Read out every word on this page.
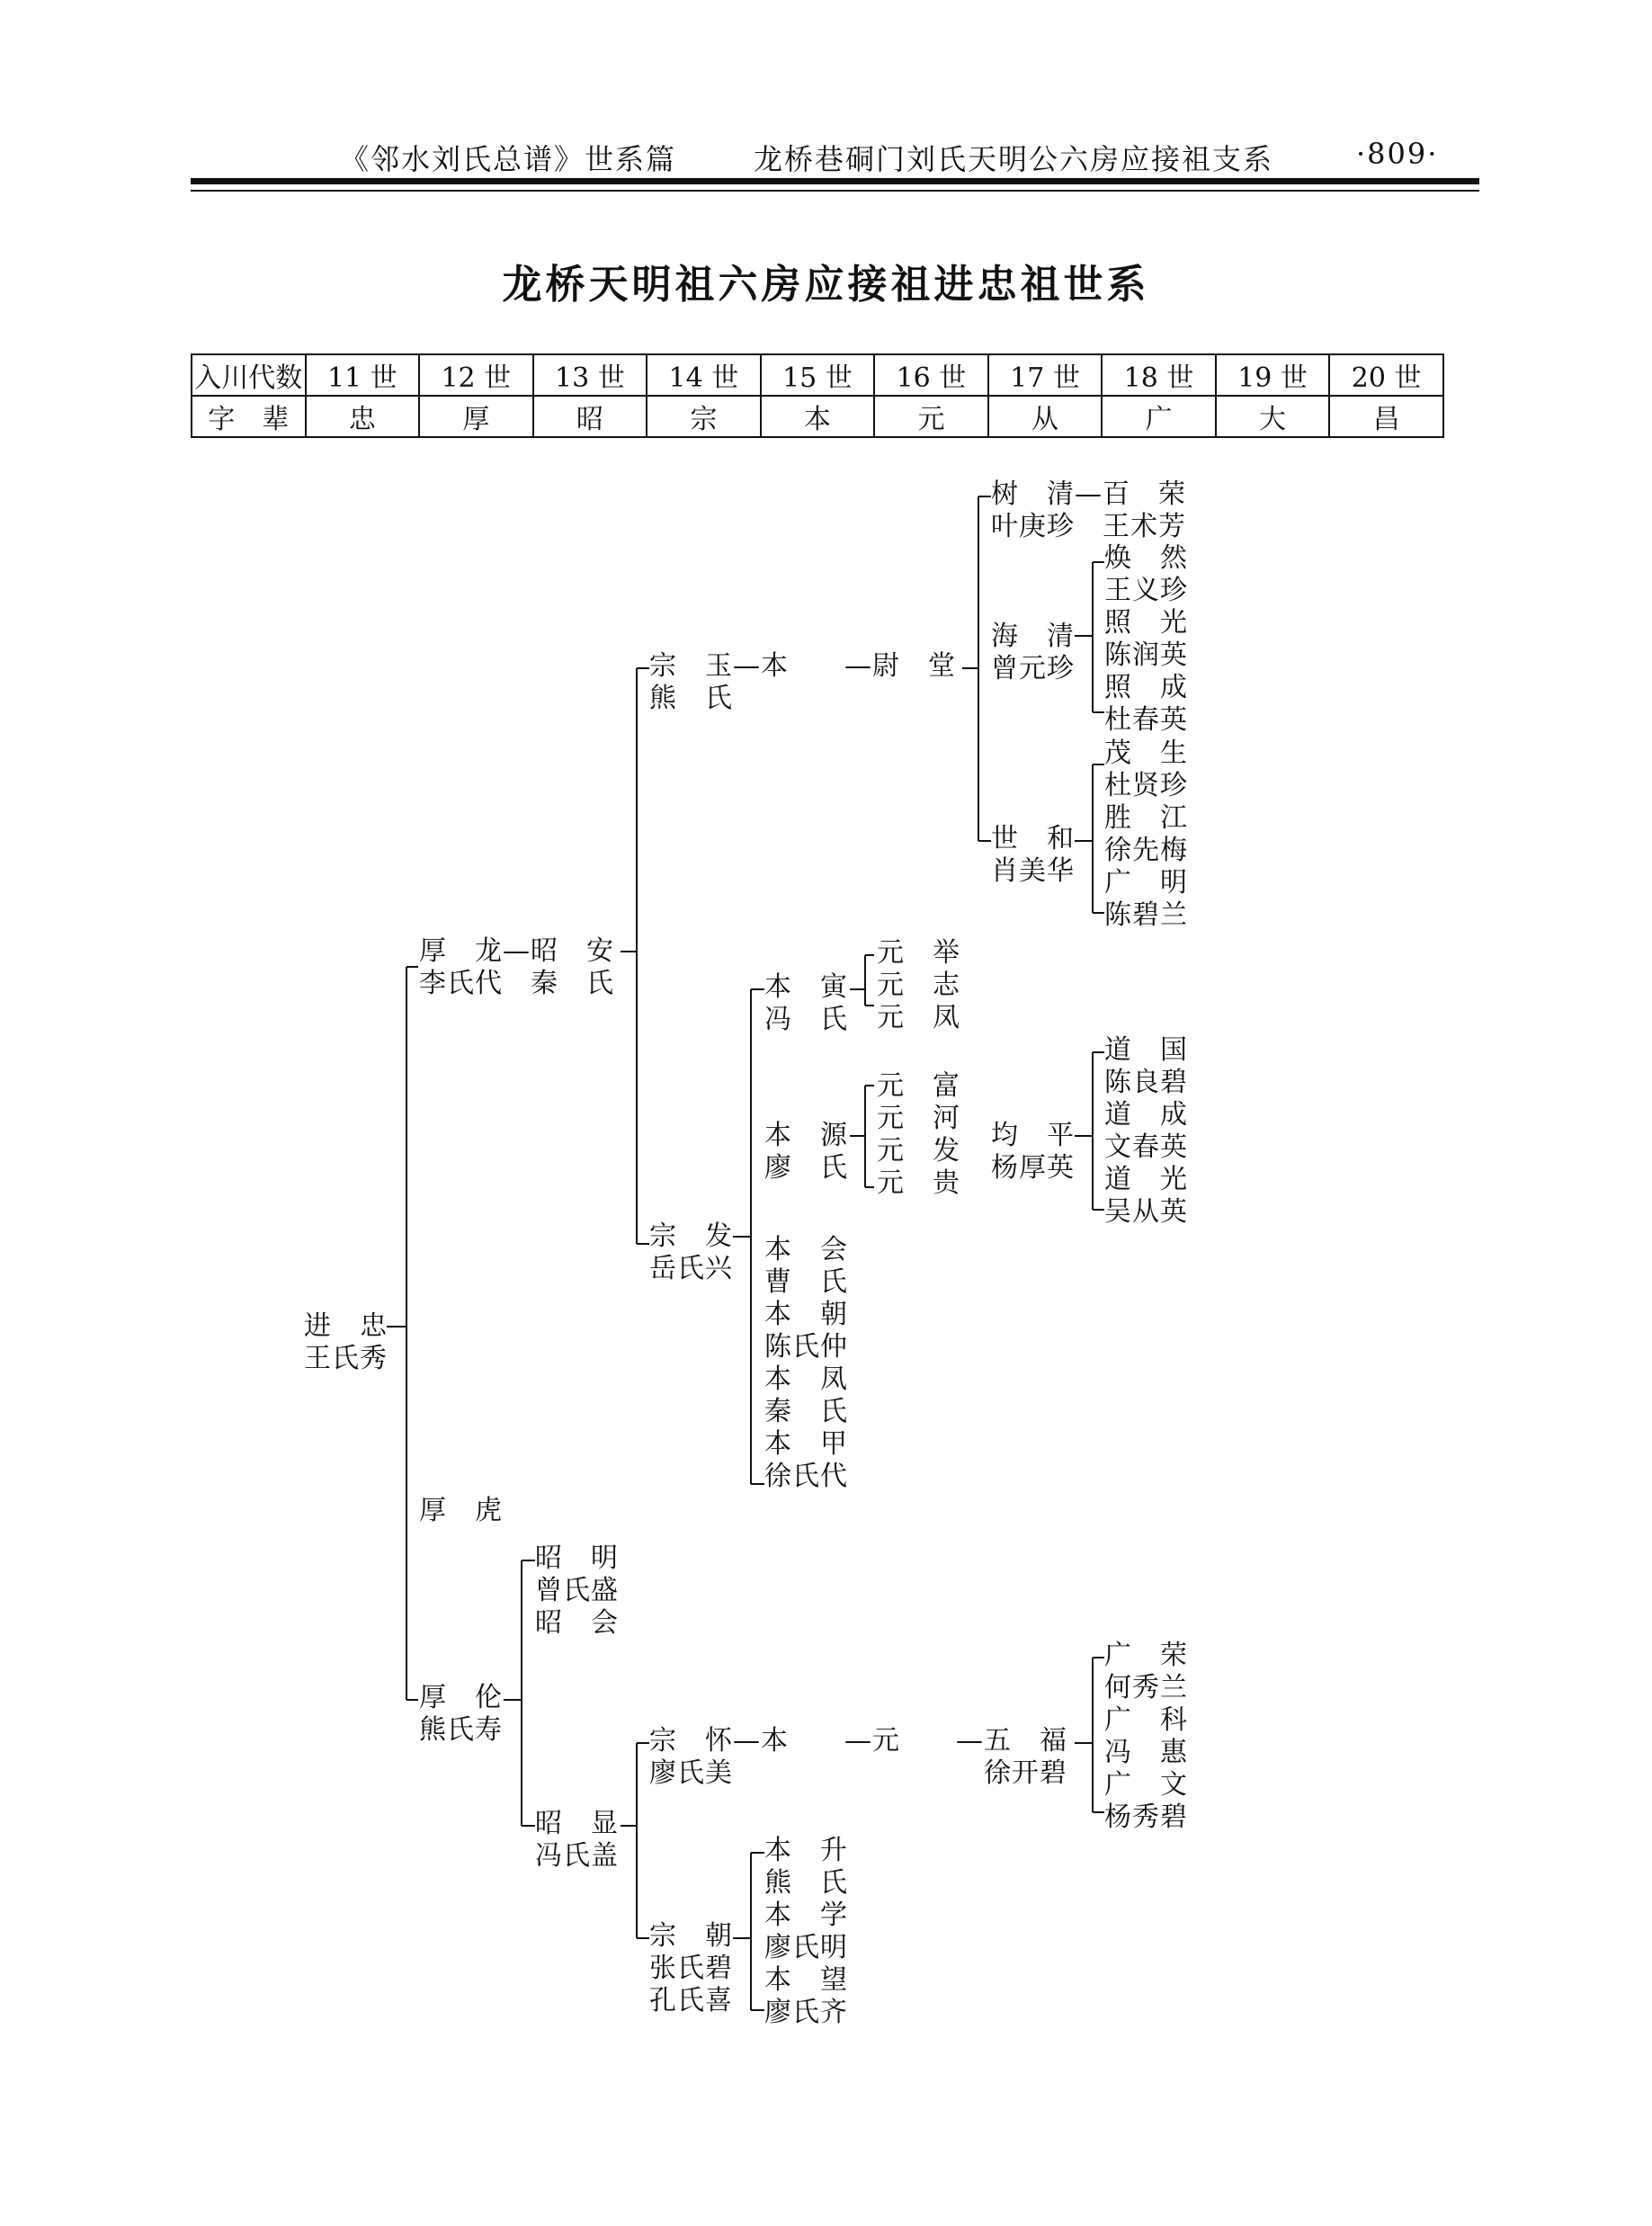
《邻水刘氏总谱》世系篇	龙桥巷硐门刘氏天明公六房应接祖支系	·809·
龙桥天明祖六房应接祖进忠祖世系
入川代数	11 世	12 世	13 世	14 世	15 世	16 世	17 世	18 世	19 世	20 世
字　辈	忠	厚	昭	宗	本	元	从	广	大	昌
进　忠
王氏秀
厚　龙—昭　安
李氏代　秦　氏
宗　玉—本　　—尉　堂
熊　氏
树　清—百　荣
叶庚珍　王术芳
海　清
曾元珍
焕　然
王义珍
照　光
陈润英
照　成
杜春英
世　和
肖美华
茂　生
杜贤珍
胜　江
徐先梅
广　明
陈碧兰
本　寅
冯　氏
元　举
元　志
元　凤
本　源
廖　氏
元　富
元　河
元　发
元　贵
均　平
杨厚英
道　国
陈良碧
道　成
文春英
道　光
吴从英
宗　发
岳氏兴
本　会
曹　氏
本　朝
陈氏仲
本　凤
秦　氏
本　甲
徐氏代
厚　虎
厚　伦
熊氏寿
昭　明
曾氏盛
昭　会
宗　怀—本　　—元　　—五　福
廖氏美　　　　　　　　　徐开碧
广　荣
何秀兰
广　科
冯　惠
广　文
杨秀碧
昭　显
冯氏盖
宗　朝
张氏碧
孔氏喜
本　升
熊　氏
本　学
廖氏明
本　望
廖氏齐
